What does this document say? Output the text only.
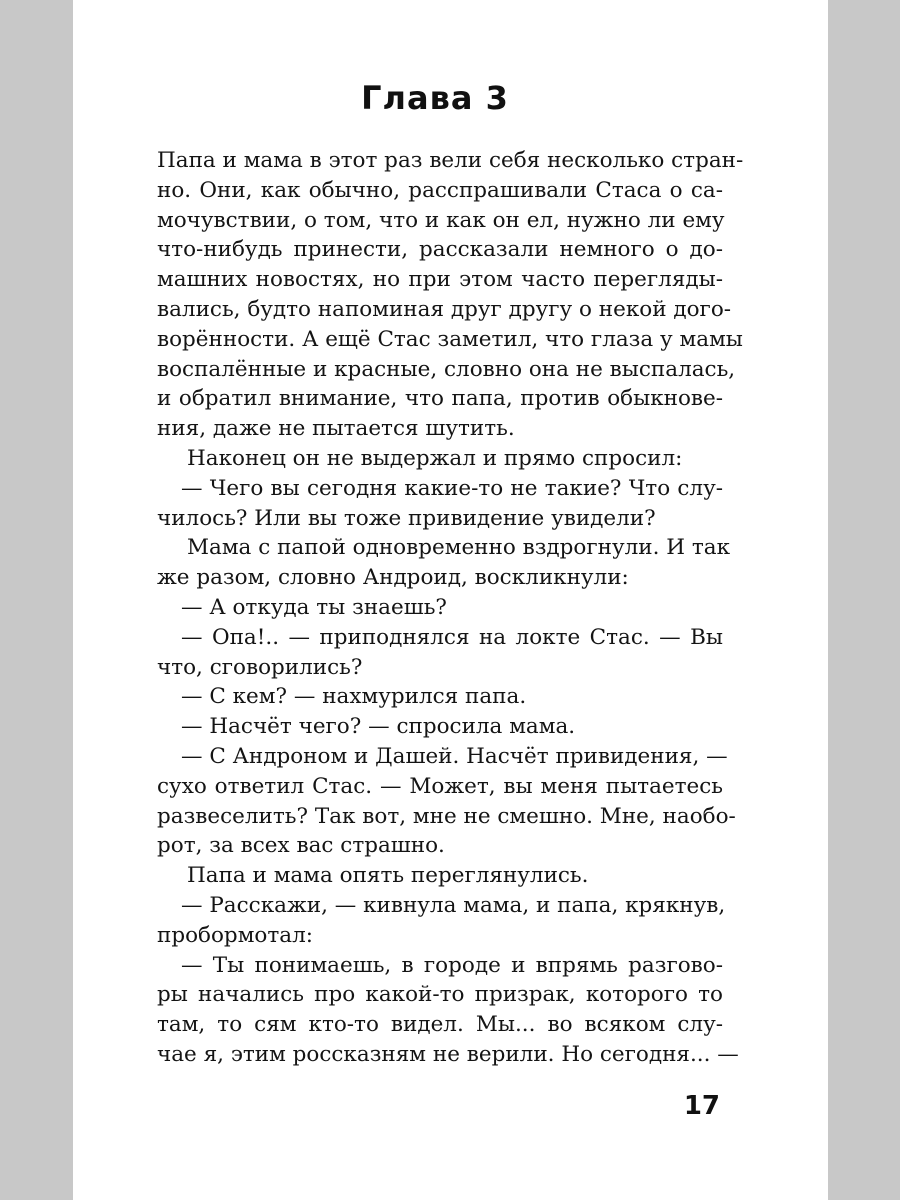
Глава 3
Папа и мама в этот раз вели себя несколько стран-
но. Они, как обычно, расспрашивали Стаса о са-
мочувствии, о том, что и как он ел, нужно ли ему
что-нибудь принести, рассказали немного о до-
машних новостях, но при этом часто перегляды-
вались, будто напоминая друг другу о некой дого-
ворённости. А ещё Стас заметил, что глаза у мамы
воспалённые и красные, словно она не выспалась,
и обратил внимание, что папа, против обыкнове-
ния, даже не пытается шутить.
Наконец он не выдержал и прямо спросил:
— Чего вы сегодня какие-то не такие? Что слу-
чилось? Или вы тоже привидение увидели?
Мама с папой одновременно вздрогнули. И так
же разом, словно Андроид, воскликнули:
— А откуда ты знаешь?
— Опа!.. — приподнялся на локте Стас. — Вы
что, сговорились?
— С кем? — нахмурился папа.
— Насчёт чего? — спросила мама.
— С Андроном и Дашей. Насчёт привидения, —
сухо ответил Стас. — Может, вы меня пытаетесь
развеселить? Так вот, мне не смешно. Мне, наобо-
рот, за всех вас страшно.
Папа и мама опять переглянулись.
— Расскажи, — кивнула мама, и папа, крякнув,
пробормотал:
— Ты понимаешь, в городе и впрямь разгово-
ры начались про какой-то призрак, которого то
там, то сям кто-то видел. Мы... во всяком слу-
чае я, этим россказням не верили. Но сегодня... —
17
